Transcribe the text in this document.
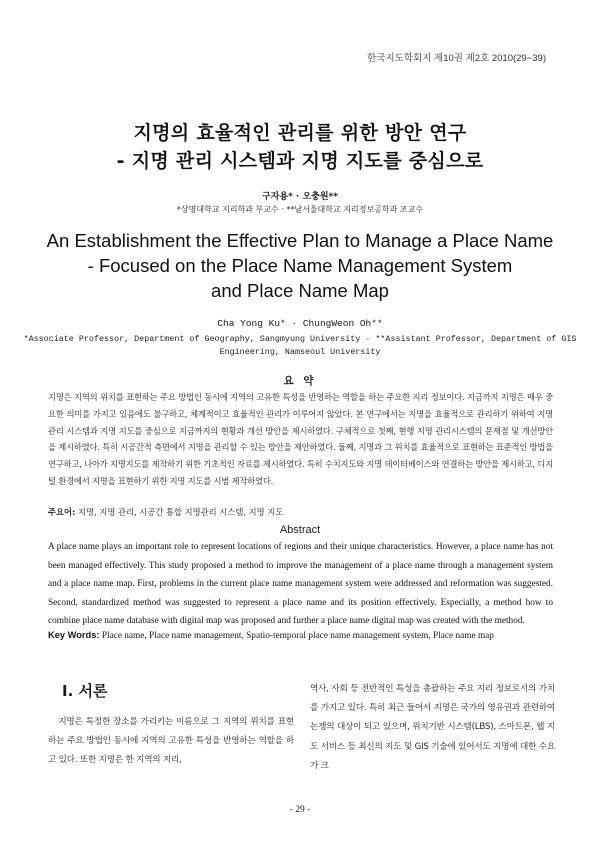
한국지도학회지 제10권 제2호 2010(29~39)
지명의 효율적인 관리를 위한 방안 연구
- 지명 관리 시스템과 지명 지도를 중심으로
구자용* · 오충원**
*상명대학교 지리학과 부교수 · **남서울대학교 지리정보공학과 조교수
An Establishment the Effective Plan to Manage a Place Name
- Focused on the Place Name Management System
and Place Name Map
Cha Yong Ku* · ChungWeon Oh**
*Associate Professor, Department of Geography, Sangmyung University · **Assistant Professor, Department of GIS
Engineering, Namseoul University
요 약
지명은 지역의 위치를 표현하는 주요 방법인 동시에 지역의 고유한 특성을 반영하는 역할을 하는 주요한 지리 정보이다. 지금까지 지명은 매우 중요한 의미를 가지고 있음에도 불구하고, 체계적이고 효율적인 관리가 이루어지 않았다. 본 연구에서는 지명을 효율적으로 관리하기 위하여 지명 관리 시스템과 지명 지도를 중심으로 지금까지의 현황과 개선 방안을 제시하였다. 구체적으로 첫째, 현행 지명 관리시스템의 문제점 및 개선방안을 제시하였다. 특히 시공간적 측면에서 지명을 관리할 수 있는 방안을 제안하였다. 둘째, 지명과 그 위치를 효율적으로 표현하는 표준적인 방법을 연구하고, 나아가 지명지도를 제작하기 위한 기초적인 자료를 제시하였다. 특히 수치지도와 지명 데이터베이스와 연결하는 방안을 제시하고, 디지털 환경에서 지명을 표현하기 위한 지명 지도를 시범 제작하였다.
주요어: 지명, 지명 관리, 시공간 통합 지명관리 시스템, 지명 지도
Abstract
A place name plays an important role to represent locations of regions and their unique characteristics. However, a place name has not been managed effectively. This study proposed a method to improve the management of a place name through a management system and a place name map. First, problems in the current place name management system were addressed and reformation was suggested. Second, standardized method was suggested to represent a place name and its position effectively. Especially, a method how to combine place name database with digital map was proposed and further a place name digital map was created with the method.
Key Words: Place name, Place name management, Spatio-temporal place name management system, Place name map
I. 서론
지명은 특정한 장소를 가리키는 이름으로 그 지역의 위치를 표현하는 주요 방법인 동시에 지역의 고유한 특성을 반영하는 역할을 하고 있다. 또한 지명은 한 지역의 지리,
역사, 사회 등 전반적인 특성을 총괄하는 주요 지리 정보로서의 가치를 가지고 있다. 특히 최근 들어서 지명은 국가의 영유권과 관련하여 논쟁의 대상이 되고 있으며, 위치기반 시스템(LBS), 스마트폰, 웹 지도 서비스 등 최신의 지도 및 GIS 기술에 있어서도 지명에 대한 수요가 크
- 29 -
